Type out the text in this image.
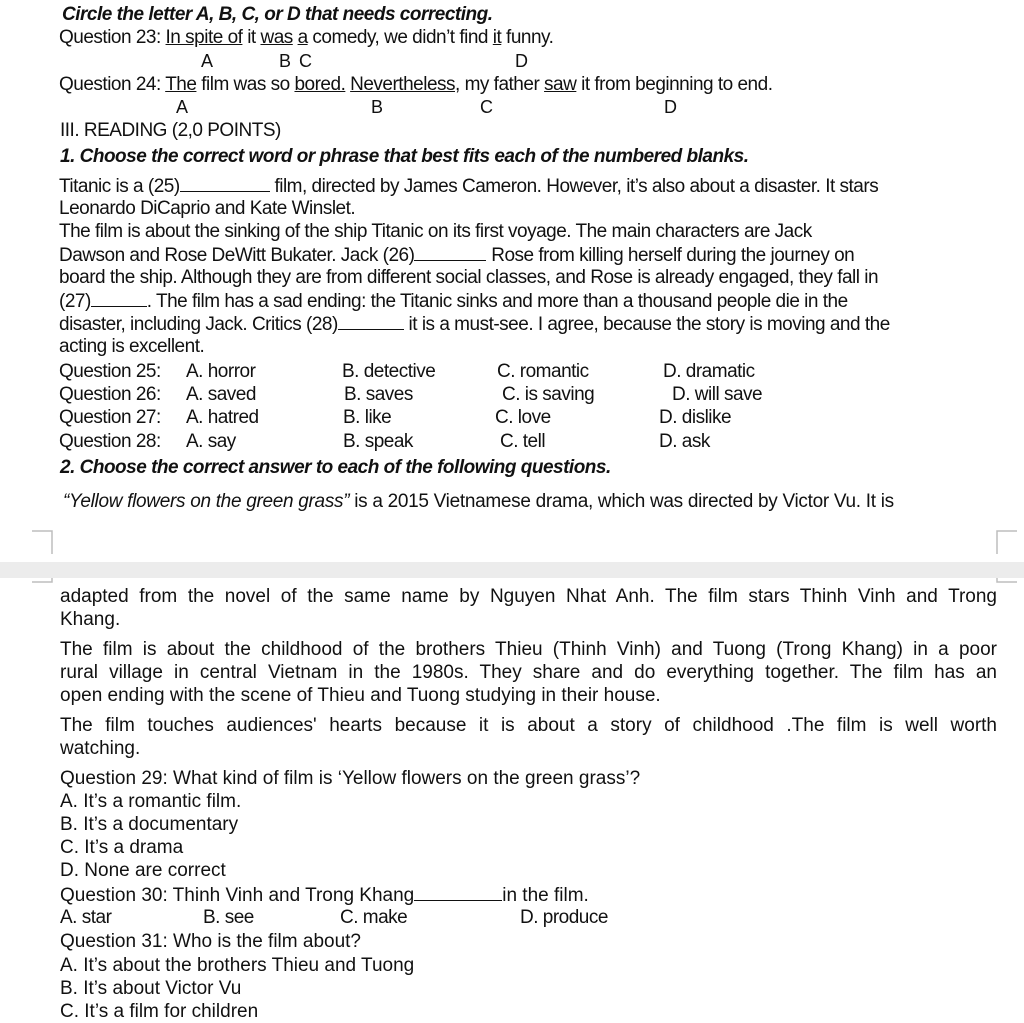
Circle the letter A, B, C, or D that needs correcting.
Question 23: In spite of it was a comedy, we didn’t find it funny.
A	B C	D
Question 24: The film was so bored. Nevertheless, my father saw it from beginning to end.
A	B	C	D
III. READING (2,0 POINTS)
1. Choose the correct word or phrase that best fits each of the numbered blanks.
Titanic is a (25)	film, directed by James Cameron. However, it’s also about a disaster. It stars
Leonardo DiCaprio and Kate Winslet.
The film is about the sinking of the ship Titanic on its first voyage. The main characters are Jack
Dawson and Rose DeWitt Bukater. Jack (26)	Rose from killing herself during the journey on
board the ship. Although they are from different social classes, and Rose is already engaged, they fall in
(27)	. The film has a sad ending: the Titanic sinks and more than a thousand people die in the
disaster, including Jack. Critics (28)	it is a must-see. I agree, because the story is moving and the
acting is excellent.
Question 25: A. horror	B. detective	C. romantic	D. dramatic
Question 26: A. saved	B. saves	C. is saving	D. will save
Question 27: A. hatred	B. like	C. love	D. dislike
Question 28: A. say	B. speak	C. tell	D. ask
2. Choose the correct answer to each of the following questions.
“Yellow flowers on the green grass” is a 2015 Vietnamese drama, which was directed by Victor Vu. It is
adapted from the novel of the same name by Nguyen Nhat Anh. The film stars Thinh Vinh and Trong
Khang.
The film is about the childhood of the brothers Thieu (Thinh Vinh) and Tuong (Trong Khang) in a poor
rural village in central Vietnam in the 1980s. They share and do everything together. The film has an
open ending with the scene of Thieu and Tuong studying in their house.
The film touches audiences' hearts because it is about a story of childhood .The film is well worth
watching.
Question 29: What kind of film is ‘Yellow flowers on the green grass’?
A. It’s a romantic film.
B. It’s a documentary
C. It’s a drama
D. None are correct
Question 30: Thinh Vinh and Trong Khang	in the film.
A. star	B. see	C. make	D. produce
Question 31: Who is the film about?
A. It’s about the brothers Thieu and Tuong
B. It’s about Victor Vu
C. It’s a film for children
